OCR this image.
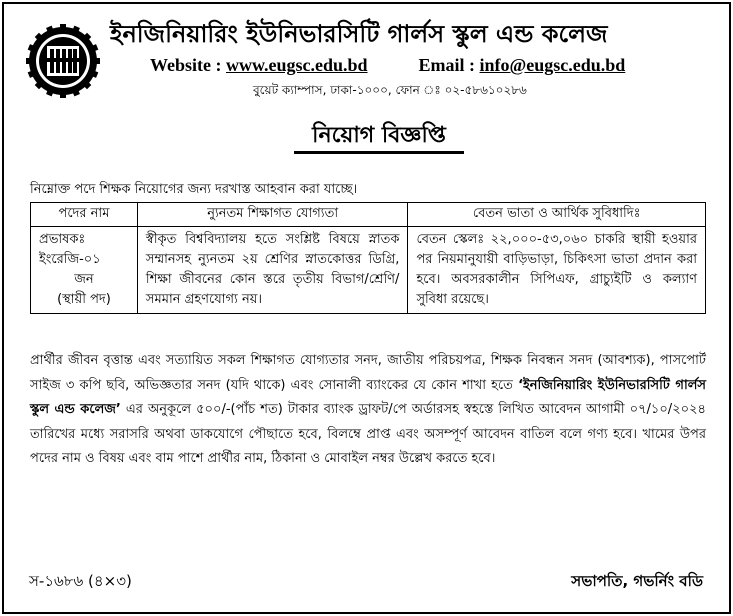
ইনজিনিয়ারিং ইউনিভারসিটি গার্লস স্কুল এন্ড কলেজ
Website : www.eugsc.edu.bd	Email : info@eugsc.edu.bd
বুয়েট ক্যাম্পাস, ঢাকা-১০০০, ফোন ঃ ০২-৫৮৬১০২৮৬
নিয়োগ বিজ্ঞপ্তি
নিম্নোক্ত পদে শিক্ষক নিয়োগের জন্য দরখাস্ত আহবান করা যাচ্ছে।
পদের নাম	ন্যুনতম শিক্ষাগত যোগ্যতা	বেতন ভাতা ও আর্থিক সুবিধাদিঃ

প্রভাষকঃ
ইংরেজি-০১
জন
(স্থায়ী পদ)	স্বীকৃত বিশ্ববিদ্যালয় হতে সংশ্লিষ্ট বিষয়ে স্নাতক সম্মানসহ ন্যুনতম ২য় শ্রেণির স্নাতকোত্তর ডিগ্রি, শিক্ষা জীবনের কোন স্তরে তৃতীয় বিভাগ/শ্রেণি/ সমমান গ্রহণযোগ্য নয়।	বেতন স্কেলঃ ২২,০০০-৫৩,০৬০ চাকরি স্থায়ী হওয়ার পর নিয়মানুযায়ী বাড়িভাড়া, চিকিৎসা ভাতা প্রদান করা হবে। অবসরকালীন সিপিএফ, গ্রাচ্যুইটি ও কল্যাণ সুবিধা রয়েছে।
প্রার্থীর জীবন বৃত্তান্ত এবং সত্যায়িত সকল শিক্ষাগত যোগ্যতার সনদ, জাতীয় পরিচয়পত্র, শিক্ষক নিবন্ধন সনদ (আবশ্যক), পাসপোর্ট সাইজ ৩ কপি ছবি, অভিজ্ঞতার সনদ (যদি থাকে) এবং সোনালী ব্যাংকের যে কোন শাখা হতে ‘ইনজিনিয়ারিং ইউনিভারসিটি গার্লস স্কুল এন্ড কলেজ’ এর অনুকূলে ৫০০/-(পাঁচ শত) টাকার ব্যাংক ড্রাফট/পে অর্ডারসহ স্বহস্তে লিখিত আবেদন আগামী ০৭/১০/২০২৪ তারিখের মধ্যে সরাসরি অথবা ডাকযোগে পৌছাতে হবে, বিলম্বে প্রাপ্ত এবং অসম্পূর্ণ আবেদন বাতিল বলে গণ্য হবে। খামের উপর পদের নাম ও বিষয় এবং বাম পাশে প্রার্থীর নাম, ঠিকানা ও মোবাইল নম্বর উল্লেখ করতে হবে।
স-১৬৮৬ (৪×৩)	সভাপতি, গভর্নিং বডি
